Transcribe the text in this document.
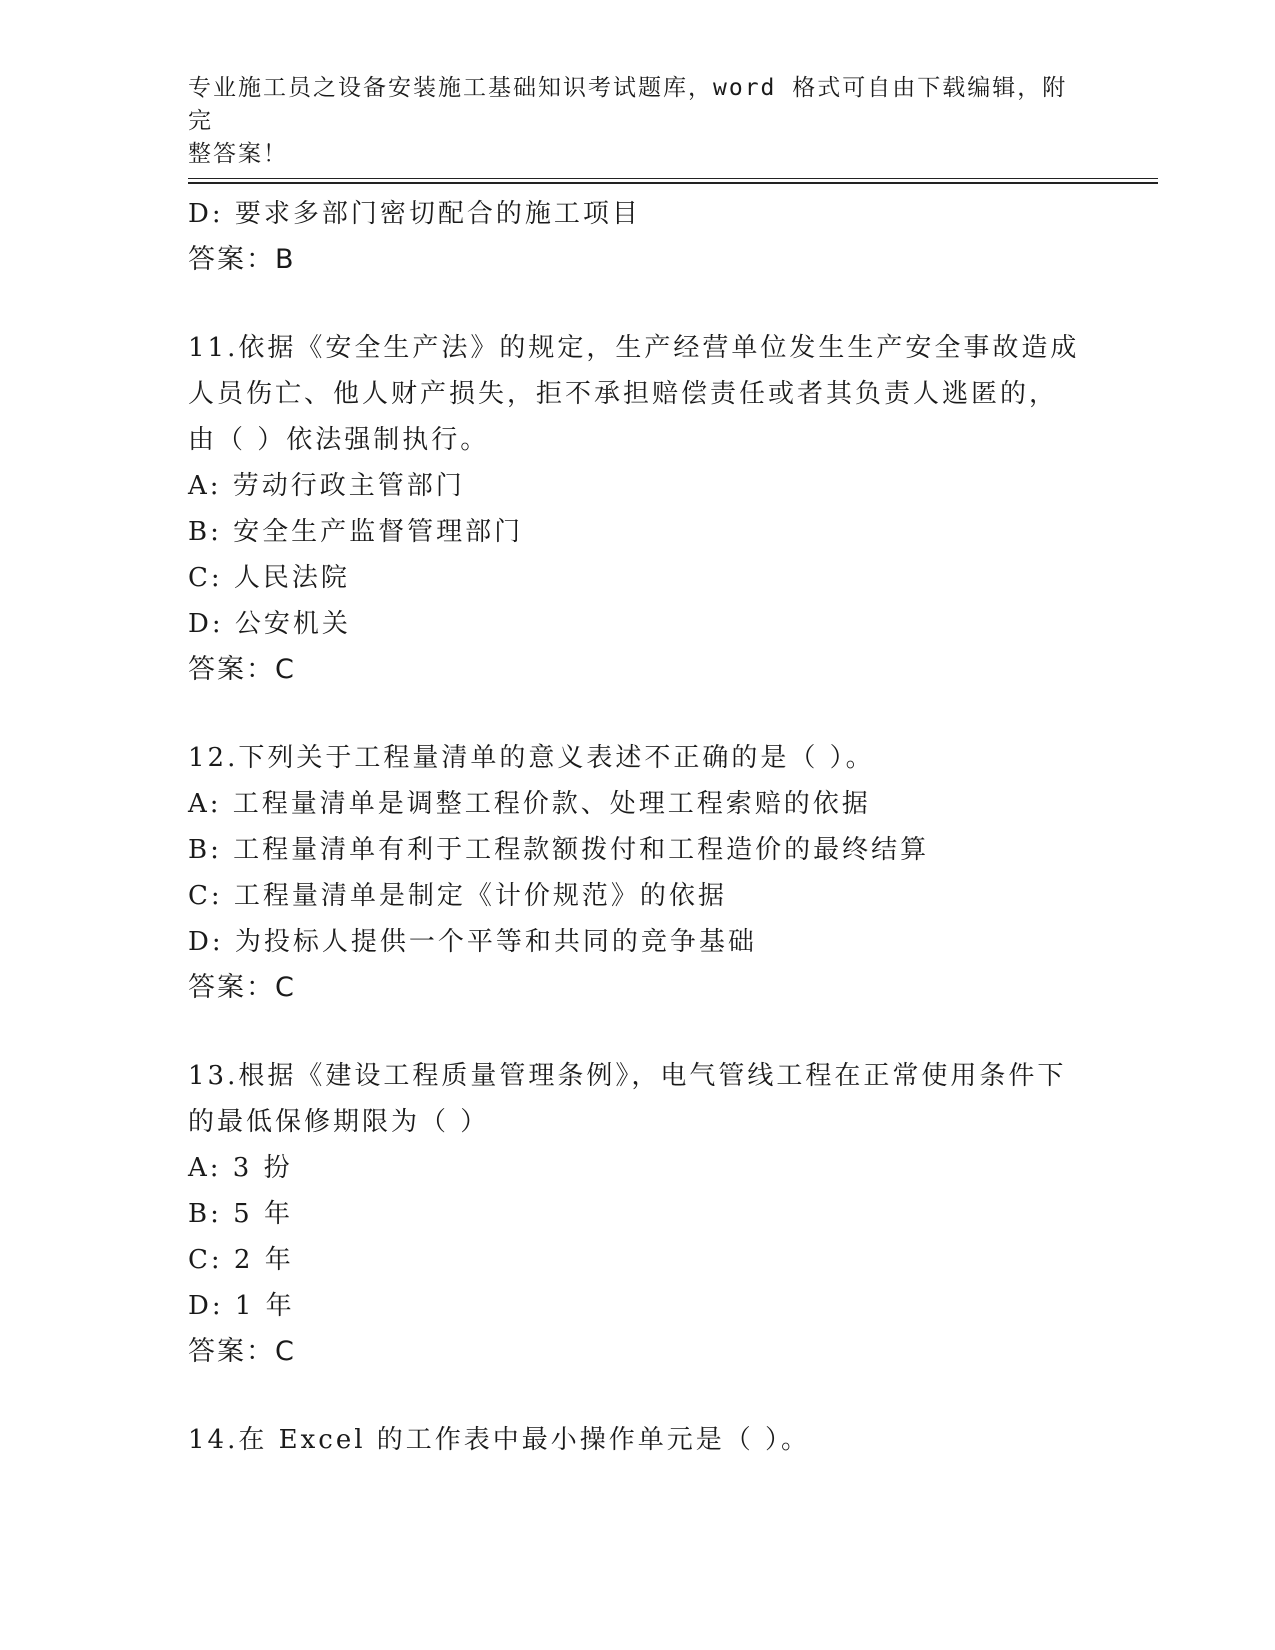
专业施工员之设备安装施工基础知识考试题库，word 格式可自由下载编辑，附完
整答案！
D: 要求多部门密切配合的施工项目
答案：B
11.依据《安全生产法》的规定，生产经营单位发生生产安全事故造成
人员伤亡、他人财产损失，拒不承担赔偿责任或者其负责人逃匿的，
由（ ）依法强制执行。
A: 劳动行政主管部门
B: 安全生产监督管理部门
C: 人民法院
D: 公安机关
答案：C
12.下列关于工程量清单的意义表述不正确的是（ ）。
A: 工程量清单是调整工程价款、处理工程索赔的依据
B: 工程量清单有利于工程款额拨付和工程造价的最终结算
C: 工程量清单是制定《计价规范》的依据
D: 为投标人提供一个平等和共同的竞争基础
答案：C
13.根据《建设工程质量管理条例》，电气管线工程在正常使用条件下
的最低保修期限为（ ）
A: 3 扮
B: 5 年
C: 2 年
D: 1 年
答案：C
14.在 Excel 的工作表中最小操作单元是（ ）。
